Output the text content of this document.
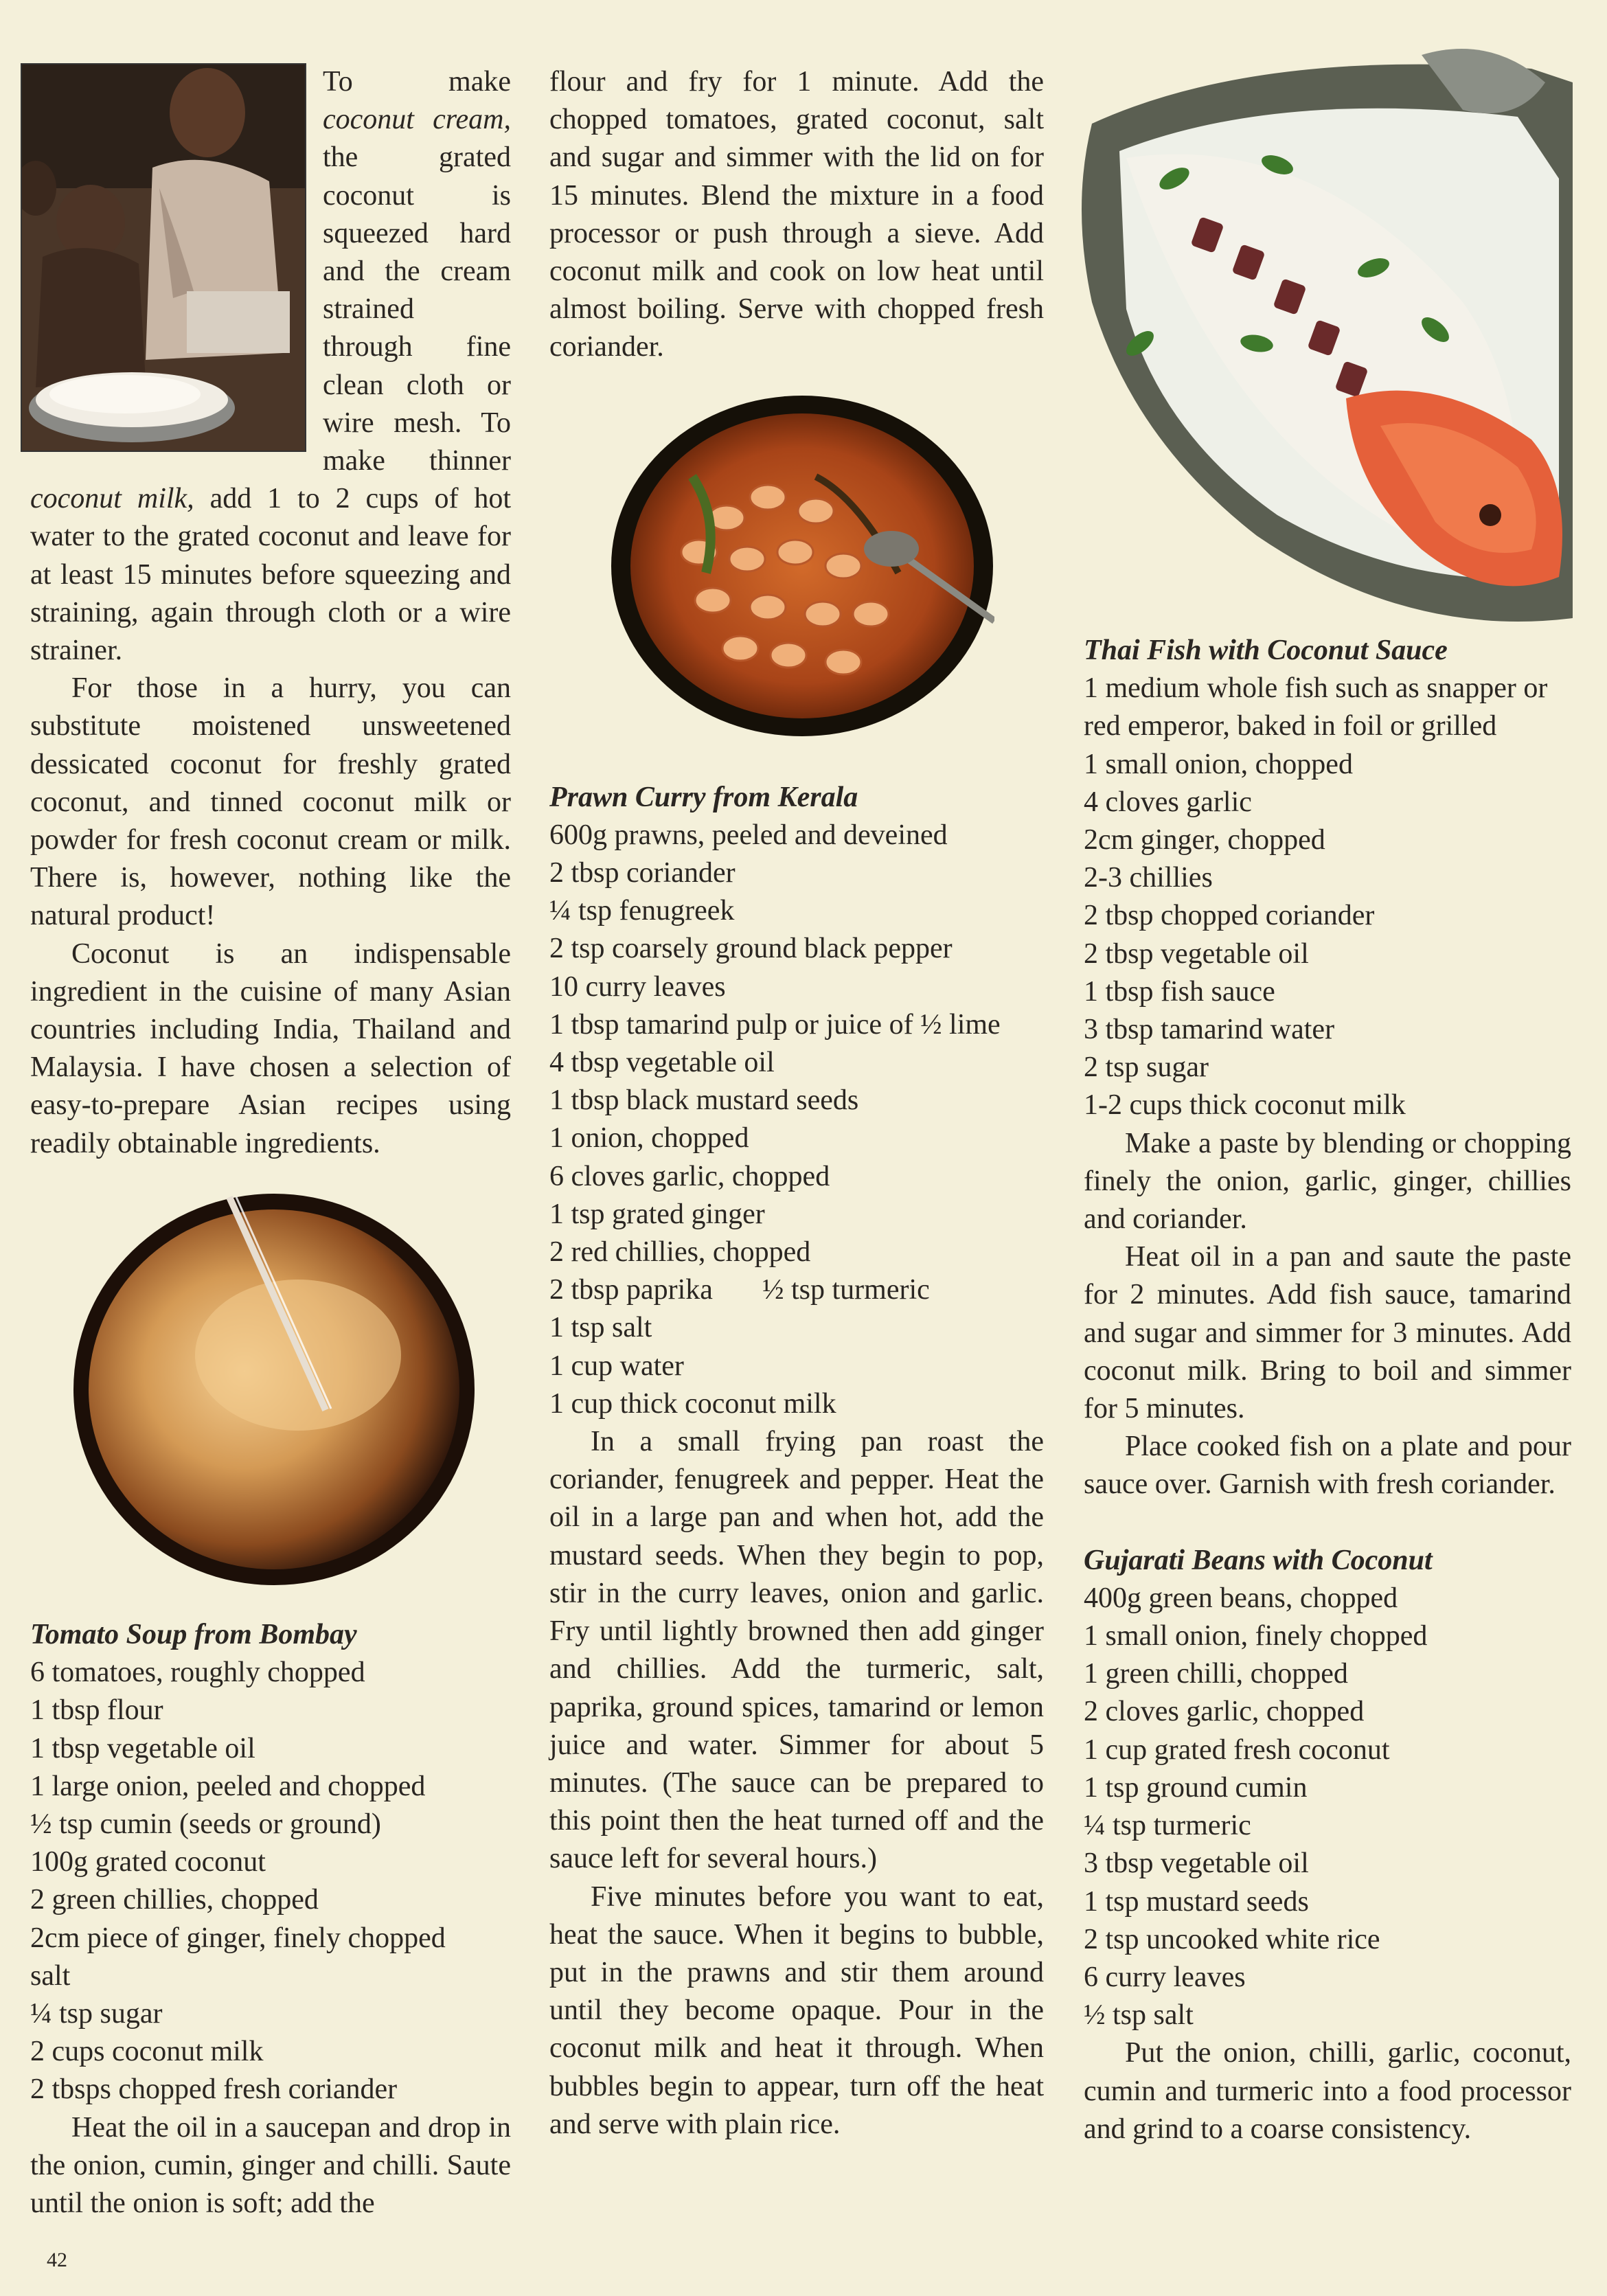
To make coconut cream, the grated coconut is squeezed hard and the cream strained through fine clean cloth or wire mesh. To make thinner coconut milk, add 1 to 2 cups of hot water to the grated coconut and leave for at least 15 minutes before squeezing and straining, again through cloth or a wire strainer.

For those in a hurry, you can substitute moistened unsweetened dessicated coconut for freshly grated coconut, and tinned coconut milk or powder for fresh coconut cream or milk. There is, however, nothing like the natural product!

Coconut is an indispensable ingredient in the cuisine of many Asian countries including India, Thailand and Malaysia. I have chosen a selection of easy-to-prepare Asian recipes using readily obtainable ingredients.

Tomato Soup from Bombay

6 tomatoes, roughly chopped

1 tbsp flour

1 tbsp vegetable oil

1 large onion, peeled and chopped

½ tsp cumin (seeds or ground)

100g grated coconut

2 green chillies, chopped

2cm piece of ginger, finely chopped

salt

¼ tsp sugar

2 cups coconut milk

2 tbsps chopped fresh coriander

Heat the oil in a saucepan and drop in the onion, cumin, ginger and chilli. Saute until the onion is soft; add the

flour and fry for 1 minute. Add the chopped tomatoes, grated coconut, salt and sugar and simmer with the lid on for 15 minutes. Blend the mixture in a food processor or push through a sieve. Add coconut milk and cook on low heat until almost boiling. Serve with chopped fresh coriander.

Prawn Curry from Kerala

600g prawns, peeled and deveined

2 tbsp coriander

¼ tsp fenugreek

2 tsp coarsely ground black pepper

10 curry leaves

1 tbsp tamarind pulp or juice of ½ lime

4 tbsp vegetable oil

1 tbsp black mustard seeds

1 onion, chopped

6 cloves garlic, chopped

1 tsp grated ginger

2 red chillies, chopped

2 tbsp paprika ½ tsp turmeric

1 tsp salt

1 cup water

1 cup thick coconut milk

In a small frying pan roast the coriander, fenugreek and pepper. Heat the oil in a large pan and when hot, add the mustard seeds. When they begin to pop, stir in the curry leaves, onion and garlic. Fry until lightly browned then add ginger and chillies. Add the turmeric, salt, paprika, ground spices, tamarind or lemon juice and water. Simmer for about 5 minutes. (The sauce can be prepared to this point then the heat turned off and the sauce left for several hours.)

Five minutes before you want to eat, heat the sauce. When it begins to bubble, put in the prawns and stir them around until they become opaque. Pour in the coconut milk and heat it through. When bubbles begin to appear, turn off the heat and serve with plain rice.

Thai Fish with Coconut Sauce

1 medium whole fish such as snapper or red emperor, baked in foil or grilled

1 small onion, chopped

4 cloves garlic

2cm ginger, chopped

2-3 chillies

2 tbsp chopped coriander

2 tbsp vegetable oil

1 tbsp fish sauce

3 tbsp tamarind water

2 tsp sugar

1-2 cups thick coconut milk

Make a paste by blending or chopping finely the onion, garlic, ginger, chillies and coriander.

Heat oil in a pan and saute the paste for 2 minutes. Add fish sauce, tamarind and sugar and simmer for 3 minutes. Add coconut milk. Bring to boil and simmer for 5 minutes.

Place cooked fish on a plate and pour sauce over. Garnish with fresh coriander.

Gujarati Beans with Coconut

400g green beans, chopped

1 small onion, finely chopped

1 green chilli, chopped

2 cloves garlic, chopped

1 cup grated fresh coconut

1 tsp ground cumin

¼ tsp turmeric

3 tbsp vegetable oil

1 tsp mustard seeds

2 tsp uncooked white rice

6 curry leaves

½ tsp salt

Put the onion, chilli, garlic, coconut, cumin and turmeric into a food processor and grind to a coarse consistency.

42
